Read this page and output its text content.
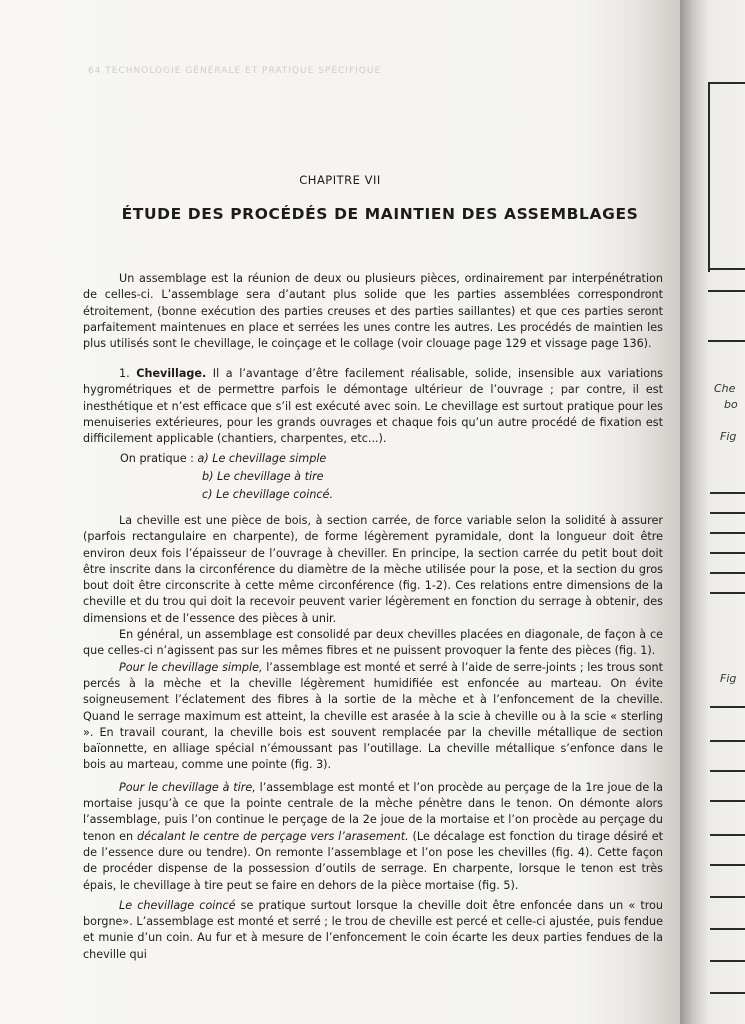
64 TECHNOLOGIE GÉNÉRALE ET PRATIQUE SPÉCIFIQUE
CHAPITRE VII
ÉTUDE DES PROCÉDÉS DE MAINTIEN DES ASSEMBLAGES

Un assemblage est la réunion de deux ou plusieurs pièces, ordinairement par interpénétration de celles-ci. L’assemblage sera d’autant plus solide que les parties assemblées correspondront étroitement, (bonne exécution des parties creuses et des parties saillantes) et que ces parties seront parfaitement maintenues en place et serrées les unes contre les autres. Les procédés de maintien les plus utilisés sont le chevillage, le coinçage et le collage (voir clouage page 129 et vissage page 136).

1. Chevillage. Il a l’avantage d’être facilement réalisable, solide, insensible aux variations hygrométriques et de permettre parfois le démontage ultérieur de l’ouvrage ; par contre, il est inesthétique et n’est efficace que s’il est exécuté avec soin. Le chevillage est surtout pratique pour les menuiseries extérieures, pour les grands ouvrages et chaque fois qu’un autre procédé de fixation est difficilement applicable (chantiers, charpentes, etc...).

On pratique : a) Le chevillage simple
b) Le chevillage à tire
c) Le chevillage coincé.

La cheville est une pièce de bois, à section carrée, de force variable selon la solidité à assurer (parfois rectangulaire en charpente), de forme légèrement pyramidale, dont la longueur doit être environ deux fois l’épaisseur de l’ouvrage à cheviller. En principe, la section carrée du petit bout doit être inscrite dans la circonférence du diamètre de la mèche utilisée pour la pose, et la section du gros bout doit être circonscrite à cette même circonférence (fig. 1-2). Ces relations entre dimensions de la cheville et du trou qui doit la recevoir peuvent varier légèrement en fonction du serrage à obtenir, des dimensions et de l’essence des pièces à unir.

En général, un assemblage est consolidé par deux chevilles placées en diagonale, de façon à ce que celles-ci n’agissent pas sur les mêmes fibres et ne puissent provoquer la fente des pièces (fig. 1).

Pour le chevillage simple, l’assemblage est monté et serré à l’aide de serre-joints ; les trous sont percés à la mèche et la cheville légèrement humidifiée est enfoncée au marteau. On évite soigneusement l’éclatement des fibres à la sortie de la mèche et à l’enfoncement de la cheville. Quand le serrage maximum est atteint, la cheville est arasée à la scie à cheville ou à la scie « sterling ». En travail courant, la cheville bois est souvent remplacée par la cheville métallique de section baïonnette, en alliage spécial n’émoussant pas l’outillage. La cheville métallique s’enfonce dans le bois au marteau, comme une pointe (fig. 3).

Pour le chevillage à tire, l’assemblage est monté et l’on procède au perçage de la 1re joue de la mortaise jusqu’à ce que la pointe centrale de la mèche pénètre dans le tenon. On démonte alors l’assemblage, puis l’on continue le perçage de la 2e joue de la mortaise et l’on procède au perçage du tenon en décalant le centre de perçage vers l’arasement. (Le décalage est fonction du tirage désiré et de l’essence dure ou tendre). On remonte l’assemblage et l’on pose les chevilles (fig. 4). Cette façon de procéder dispense de la possession d’outils de serrage. En charpente, lorsque le tenon est très épais, le chevillage à tire peut se faire en dehors de la pièce mortaise (fig. 5).

Le chevillage coincé se pratique surtout lorsque la cheville doit être enfoncée dans un « trou borgne». L’assemblage est monté et serré ; le trou de cheville est percé et celle-ci ajustée, puis fendue et munie d’un coin. Au fur et à mesure de l’enfoncement le coin écarte les deux parties fendues de la cheville qui

Che
bo
Fig
Fig
